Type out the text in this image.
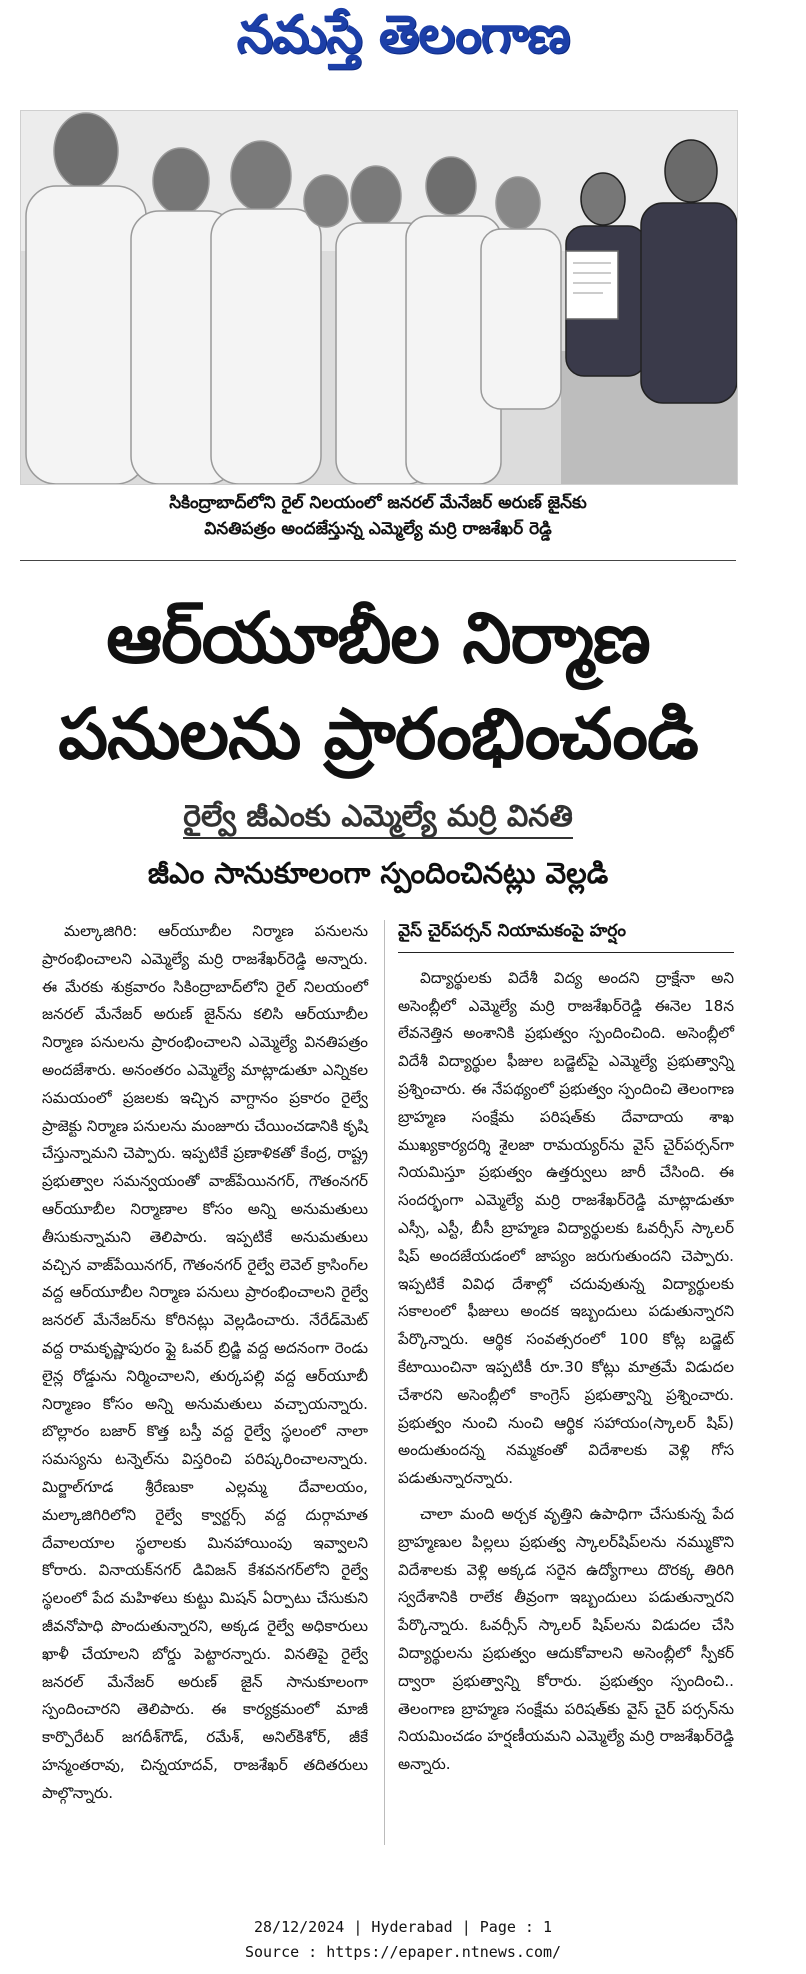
నమస్తే తెలంగాణ
సికింద్రాబాద్‌లోని రైల్ నిలయంలో జనరల్ మేనేజర్ అరుణ్ జైన్‌కు
వినతిపత్రం అందజేస్తున్న ఎమ్మెల్యే మర్రి రాజశేఖర్ రెడ్డి
ఆర్‌యూబీల నిర్మాణ
పనులను ప్రారంభించండి
రైల్వే జీఎంకు ఎమ్మెల్యే మర్రి వినతి
జీఎం సానుకూలంగా స్పందించినట్లు వెల్లడి

మల్కాజిగిరి: ఆర్‌యూబీల నిర్మాణ పనులను ప్రారంభించాలని ఎమ్మెల్యే మర్రి రాజశేఖర్‌రెడ్డి అన్నారు. ఈ మేరకు శుక్రవారం సికింద్రాబాద్‌లోని రైల్ నిలయంలో జనరల్ మేనేజర్ అరుణ్ జైన్‌ను కలిసి ఆర్‌యూబీల నిర్మాణ పనులను ప్రారంభించాలని ఎమ్మెల్యే వినతిపత్రం అందజేశారు. అనంతరం ఎమ్మెల్యే మాట్లాడుతూ ఎన్నికల సమయంలో ప్రజలకు ఇచ్చిన వాగ్దానం ప్రకారం రైల్వే ప్రాజెక్టు నిర్మాణ పనులను మంజూరు చేయించడానికి కృషి చేస్తున్నామని చెప్పారు. ఇప్పటికే ప్రణాళికతో కేంద్ర, రాష్ట్ర ప్రభుత్వాల సమన్వయంతో వాజ్‌పేయినగర్, గౌతంనగర్ ఆర్‌యూబీల నిర్మాణాల కోసం అన్ని అనుమతులు తీసుకున్నామని తెలిపారు. ఇప్పటికే అనుమతులు వచ్చిన వాజ్‌పేయినగర్, గౌతంనగర్ రైల్వే లెవెల్ క్రాసింగ్‌ల వద్ద ఆర్‌యూబీల నిర్మాణ పనులు ప్రారంభించాలని రైల్వే జనరల్ మేనేజర్‌ను కోరినట్లు వెల్లడించారు. నేరేడ్‌మెట్ వద్ద రామకృష్ణాపురం ఫ్లై ఓవర్ బ్రిడ్జి వద్ద అదనంగా రెండు లైన్ల రోడ్డును నిర్మించాలని, తుర్కపల్లి వద్ద ఆర్‌యూబీ నిర్మాణం కోసం అన్ని అనుమతులు వచ్చాయన్నారు. బొల్లారం బజార్ కొత్త బస్తీ వద్ద రైల్వే స్థలంలో నాలా సమస్యను టన్నెల్‌ను విస్తరించి పరిష్కరించాలన్నారు. మిర్జాల్‌గూడ శ్రీరేణుకా ఎల్లమ్మ దేవాలయం, మల్కాజిగిరిలోని రైల్వే క్వార్టర్స్ వద్ద దుర్గామాత దేవాలయాల స్థలాలకు మినహాయింపు ఇవ్వాలని కోరారు. వినాయక్‌నగర్ డివిజన్ కేశవనగర్‌లోని రైల్వే స్థలంలో పేద మహిళలు కుట్టు మిషన్ ఏర్పాటు చేసుకుని జీవనోపాధి పొందుతున్నారని, అక్కడ రైల్వే అధికారులు ఖాళీ చేయాలని బోర్డు పెట్టారన్నారు. వినతిపై రైల్వే జనరల్ మేనేజర్ అరుణ్ జైన్ సానుకూలంగా స్పందించారని తెలిపారు. ఈ కార్యక్రమంలో మాజీ కార్పొరేటర్ జగదీశ్‌గౌడ్, రమేశ్, అనిల్‌కిశోర్, జీకే హన్మంతరావు, చిన్నయాదవ్, రాజశేఖర్ తదితరులు పాల్గొన్నారు.

వైస్ చైర్‌పర్సన్ నియామకంపై హర్షం

విద్యార్థులకు విదేశీ విద్య అందని ద్రాక్షేనా అని అసెంబ్లీలో ఎమ్మెల్యే మర్రి రాజశేఖర్‌రెడ్డి ఈనెల 18న లేవనెత్తిన అంశానికి ప్రభుత్వం స్పందించింది. అసెంబ్లీలో విదేశీ విద్యార్థుల ఫీజుల బడ్జెట్‌పై ఎమ్మెల్యే ప్రభుత్వాన్ని ప్రశ్నించారు. ఈ నేపథ్యంలో ప్రభుత్వం స్పందించి తెలంగాణ బ్రాహ్మణ సంక్షేమ పరిషత్‌కు దేవాదాయ శాఖ ముఖ్యకార్యదర్శి శైలజా రామయ్యర్‌ను వైస్ చైర్‌పర్సన్‌గా నియమిస్తూ ప్రభుత్వం ఉత్తర్వులు జారీ చేసింది. ఈ సందర్భంగా ఎమ్మెల్యే మర్రి రాజశేఖర్‌రెడ్డి మాట్లాడుతూ ఎస్సీ, ఎస్టీ, బీసీ బ్రాహ్మణ విద్యార్థులకు ఓవర్సీస్ స్కాలర్ షిప్ అందజేయడంలో జాప్యం జరుగుతుందని చెప్పారు. ఇప్పటికే వివిధ దేశాల్లో చదువుతున్న విద్యార్థులకు సకాలంలో ఫీజులు అందక ఇబ్బందులు పడుతున్నారని పేర్కొన్నారు. ఆర్థిక సంవత్సరంలో 100 కోట్ల బడ్జెట్ కేటాయించినా ఇప్పటికీ రూ.30 కోట్లు మాత్రమే విడుదల చేశారని అసెంబ్లీలో కాంగ్రెస్ ప్రభుత్వాన్ని ప్రశ్నించారు. ప్రభుత్వం నుంచి నుంచి ఆర్థిక సహాయం(స్కాలర్ షిప్) అందుతుందన్న నమ్మకంతో విదేశాలకు వెళ్లి గోస పడుతున్నారన్నారు.

చాలా మంది అర్చక వృత్తిని ఉపాధిగా చేసుకున్న పేద బ్రాహ్మణుల పిల్లలు ప్రభుత్వ స్కాలర్‌షిప్‌లను నమ్ముకొని విదేశాలకు వెళ్లి అక్కడ సరైన ఉద్యోగాలు దొరక్క తిరిగి స్వదేశానికి రాలేక తీవ్రంగా ఇబ్బందులు పడుతున్నారని పేర్కొన్నారు. ఓవర్సీస్ స్కాలర్ షిప్‌లను విడుదల చేసి విద్యార్థులను ప్రభుత్వం ఆదుకోవాలని అసెంబ్లీలో స్పీకర్ ద్వారా ప్రభుత్వాన్ని కోరారు. ప్రభుత్వం స్పందించి.. తెలంగాణ బ్రాహ్మణ సంక్షేమ పరిషత్‌కు వైస్ చైర్ పర్సన్‌ను నియమించడం హర్షణీయమని ఎమ్మెల్యే మర్రి రాజశేఖర్‌రెడ్డి అన్నారు.

28/12/2024 | Hyderabad | Page : 1
Source : https://epaper.ntnews.com/
